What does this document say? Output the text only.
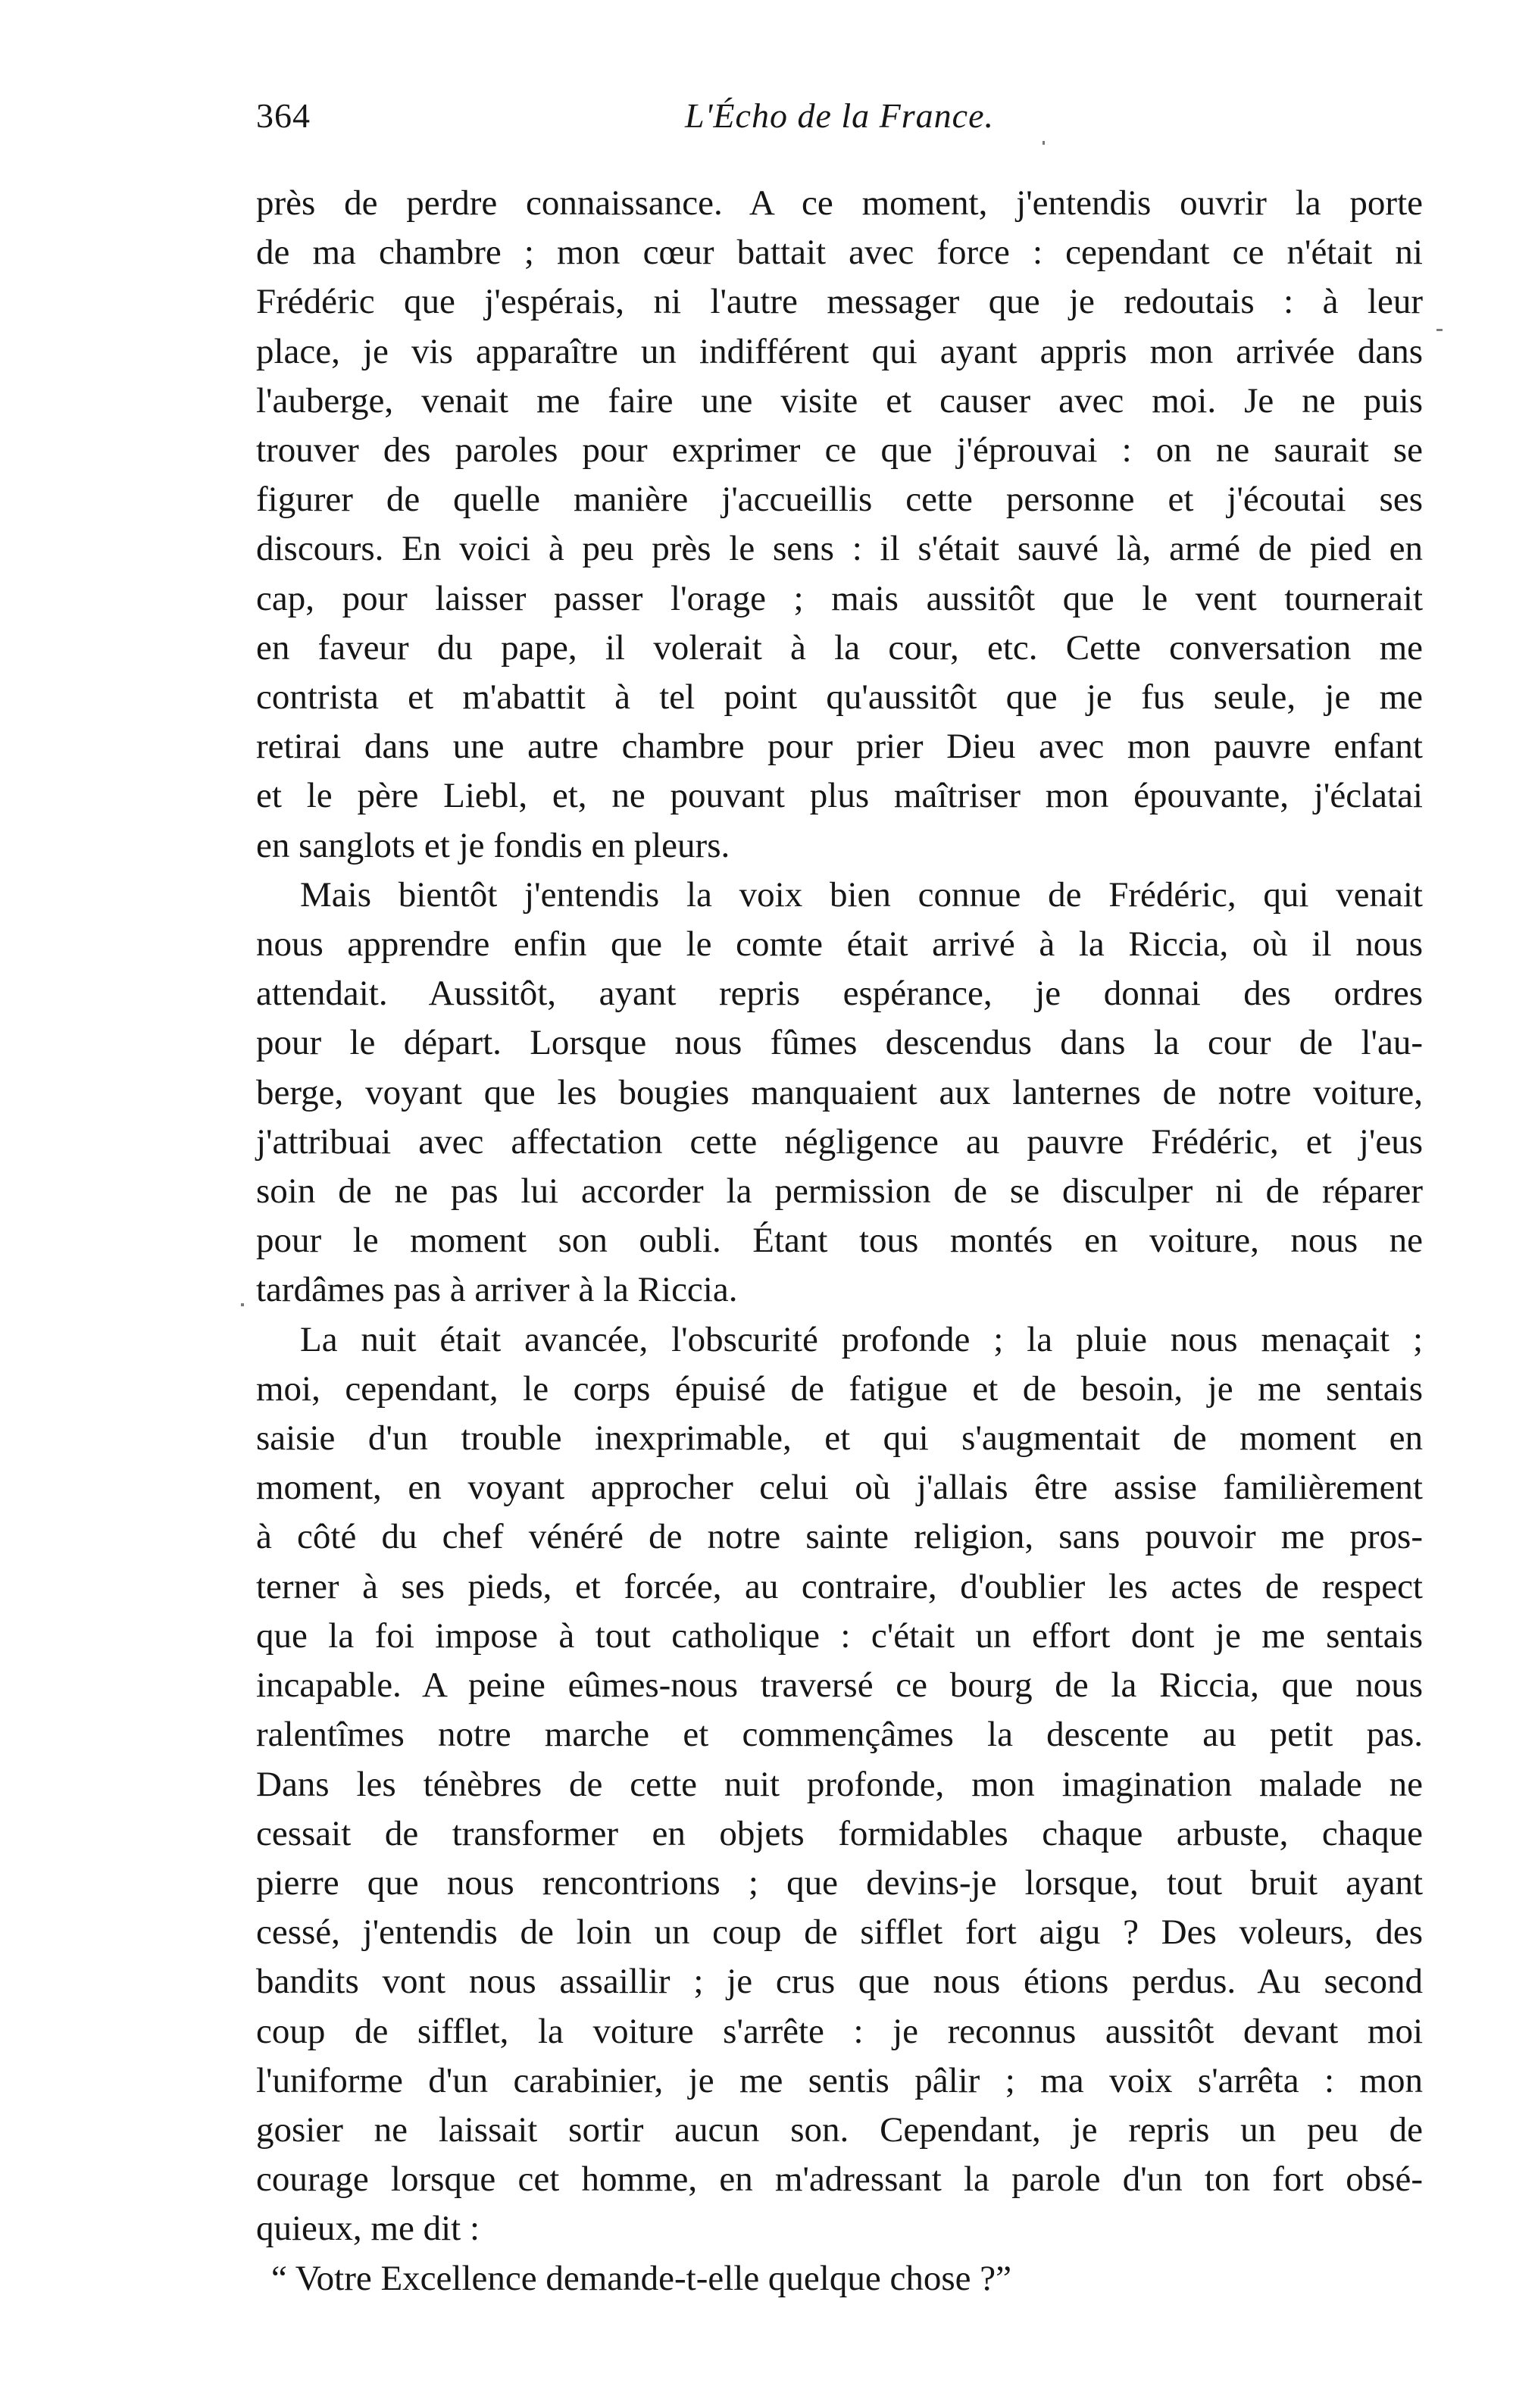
364	L'Écho de la France.

près de perdre connaissance. A ce moment, j'entendis ouvrir la porte

de ma chambre ; mon cœur battait avec force : cependant ce n'était ni

Frédéric que j'espérais, ni l'autre messager que je redoutais : à leur

place, je vis apparaître un indifférent qui ayant appris mon arrivée dans

l'auberge, venait me faire une visite et causer avec moi. Je ne puis

trouver des paroles pour exprimer ce que j'éprouvai : on ne saurait se

figurer de quelle manière j'accueillis cette personne et j'écoutai ses

discours. En voici à peu près le sens : il s'était sauvé là, armé de pied en

cap, pour laisser passer l'orage ; mais aussitôt que le vent tournerait

en faveur du pape, il volerait à la cour, etc. Cette conversation me

contrista et m'abattit à tel point qu'aussitôt que je fus seule, je me

retirai dans une autre chambre pour prier Dieu avec mon pauvre enfant

et le père Liebl, et, ne pouvant plus maîtriser mon épouvante, j'éclatai

en sanglots et je fondis en pleurs.

Mais bientôt j'entendis la voix bien connue de Frédéric, qui venait

nous apprendre enfin que le comte était arrivé à la Riccia, où il nous

attendait. Aussitôt, ayant repris espérance, je donnai des ordres

pour le départ. Lorsque nous fûmes descendus dans la cour de l'au-

berge, voyant que les bougies manquaient aux lanternes de notre voiture,

j'attribuai avec affectation cette négligence au pauvre Frédéric, et j'eus

soin de ne pas lui accorder la permission de se disculper ni de réparer

pour le moment son oubli. Étant tous montés en voiture, nous ne

tardâmes pas à arriver à la Riccia.

La nuit était avancée, l'obscurité profonde ; la pluie nous menaçait ;

moi, cependant, le corps épuisé de fatigue et de besoin, je me sentais

saisie d'un trouble inexprimable, et qui s'augmentait de moment en

moment, en voyant approcher celui où j'allais être assise familièrement

à côté du chef vénéré de notre sainte religion, sans pouvoir me pros-

terner à ses pieds, et forcée, au contraire, d'oublier les actes de respect

que la foi impose à tout catholique : c'était un effort dont je me sentais

incapable. A peine eûmes-nous traversé ce bourg de la Riccia, que nous

ralentîmes notre marche et commençâmes la descente au petit pas.

Dans les ténèbres de cette nuit profonde, mon imagination malade ne

cessait de transformer en objets formidables chaque arbuste, chaque

pierre que nous rencontrions ; que devins-je lorsque, tout bruit ayant

cessé, j'entendis de loin un coup de sifflet fort aigu ? Des voleurs, des

bandits vont nous assaillir ; je crus que nous étions perdus. Au second

coup de sifflet, la voiture s'arrête : je reconnus aussitôt devant moi

l'uniforme d'un carabinier, je me sentis pâlir ; ma voix s'arrêta : mon

gosier ne laissait sortir aucun son. Cependant, je repris un peu de

courage lorsque cet homme, en m'adressant la parole d'un ton fort obsé-

quieux, me dit :

“ Votre Excellence demande-t-elle quelque chose ?”
